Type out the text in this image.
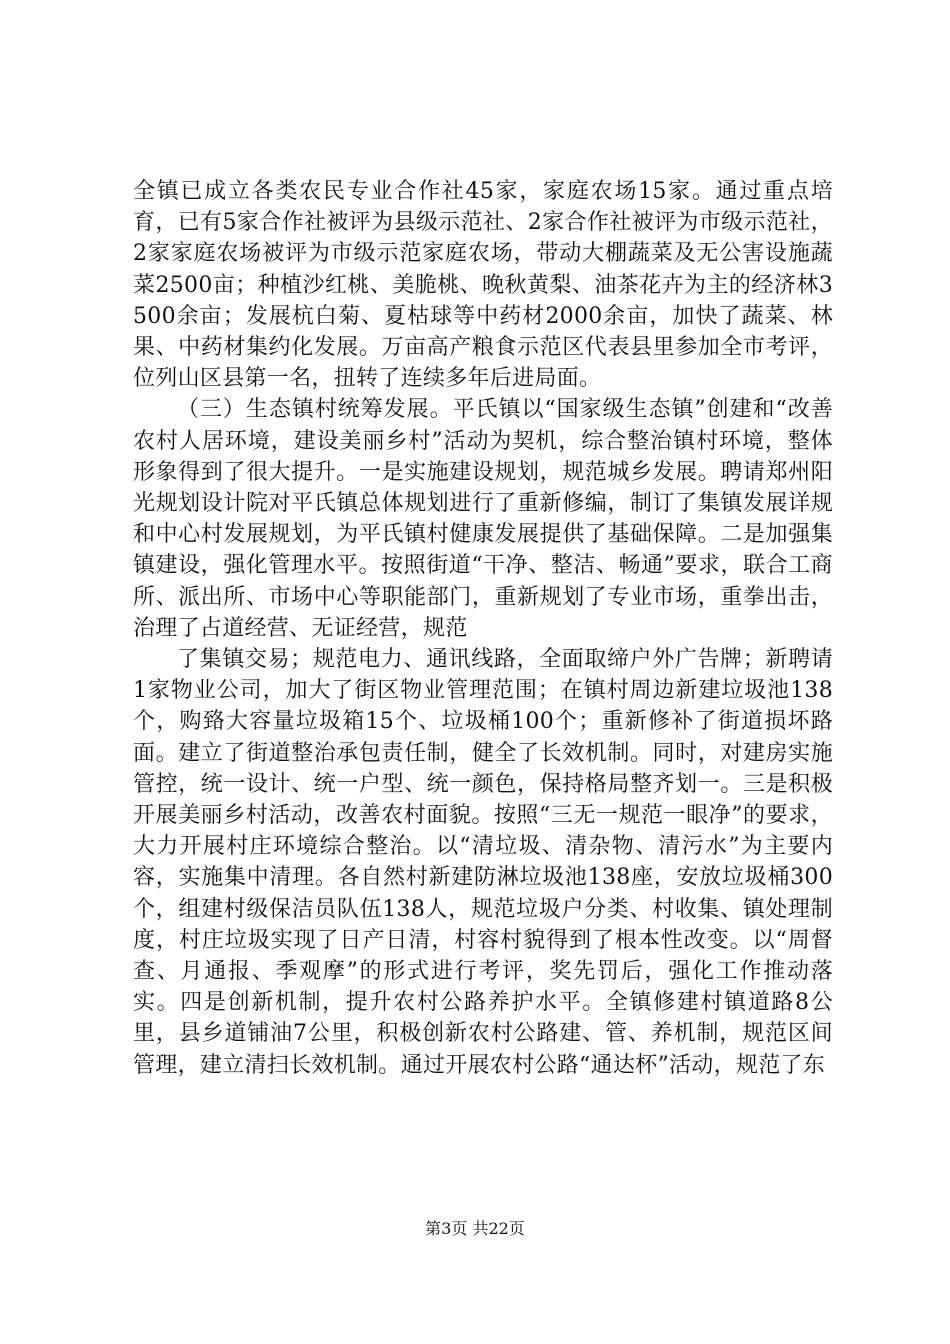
全镇已成立各类农民专业合作社45家，家庭农场15家。通过重点培育，已有5家合作社被评为县级示范社、2家合作社被评为市级示范社，2家家庭农场被评为市级示范家庭农场，带动大棚蔬菜及无公害设施蔬菜2500亩；种植沙红桃、美脆桃、晚秋黄梨、油茶花卉为主的经济林3500余亩；发展杭白菊、夏枯球等中药材2000余亩，加快了蔬菜、林果、中药材集约化发展。万亩高产粮食示范区代表县里参加全市考评，位列山区县第一名，扭转了连续多年后进局面。

（三）生态镇村统筹发展。平氏镇以“国家级生态镇”创建和“改善农村人居环境，建设美丽乡村”活动为契机，综合整治镇村环境，整体形象得到了很大提升。一是实施建设规划，规范城乡发展。聘请郑州阳光规划设计院对平氏镇总体规划进行了重新修编，制订了集镇发展详规和中心村发展规划，为平氏镇村健康发展提供了基础保障。二是加强集镇建设，强化管理水平。按照街道“干净、整洁、畅通”要求，联合工商所、派出所、市场中心等职能部门，重新规划了专业市场，重拳出击，治理了占道经营、无证经营，规范

了集镇交易；规范电力、通讯线路，全面取缔户外广告牌；新聘请1家物业公司，加大了街区物业管理范围；在镇村周边新建垃圾池138个，购臵大容量垃圾箱15个、垃圾桶100个；重新修补了街道损坏路面。建立了街道整治承包责任制，健全了长效机制。同时，对建房实施管控，统一设计、统一户型、统一颜色，保持格局整齐划一。三是积极开展美丽乡村活动，改善农村面貌。按照“三无一规范一眼净”的要求，大力开展村庄环境综合整治。以“清垃圾、清杂物、清污水”为主要内容，实施集中清理。各自然村新建防淋垃圾池138座，安放垃圾桶300个，组建村级保洁员队伍138人，规范垃圾户分类、村收集、镇处理制度，村庄垃圾实现了日产日清，村容村貌得到了根本性改变。以“周督查、月通报、季观摩”的形式进行考评，奖先罚后，强化工作推动落实。四是创新机制，提升农村公路养护水平。全镇修建村镇道路8公里，县乡道铺油7公里，积极创新农村公路建、管、养机制，规范区间管理，建立清扫长效机制。通过开展农村公路“通达杯”活动，规范了东

第3页 共22页
